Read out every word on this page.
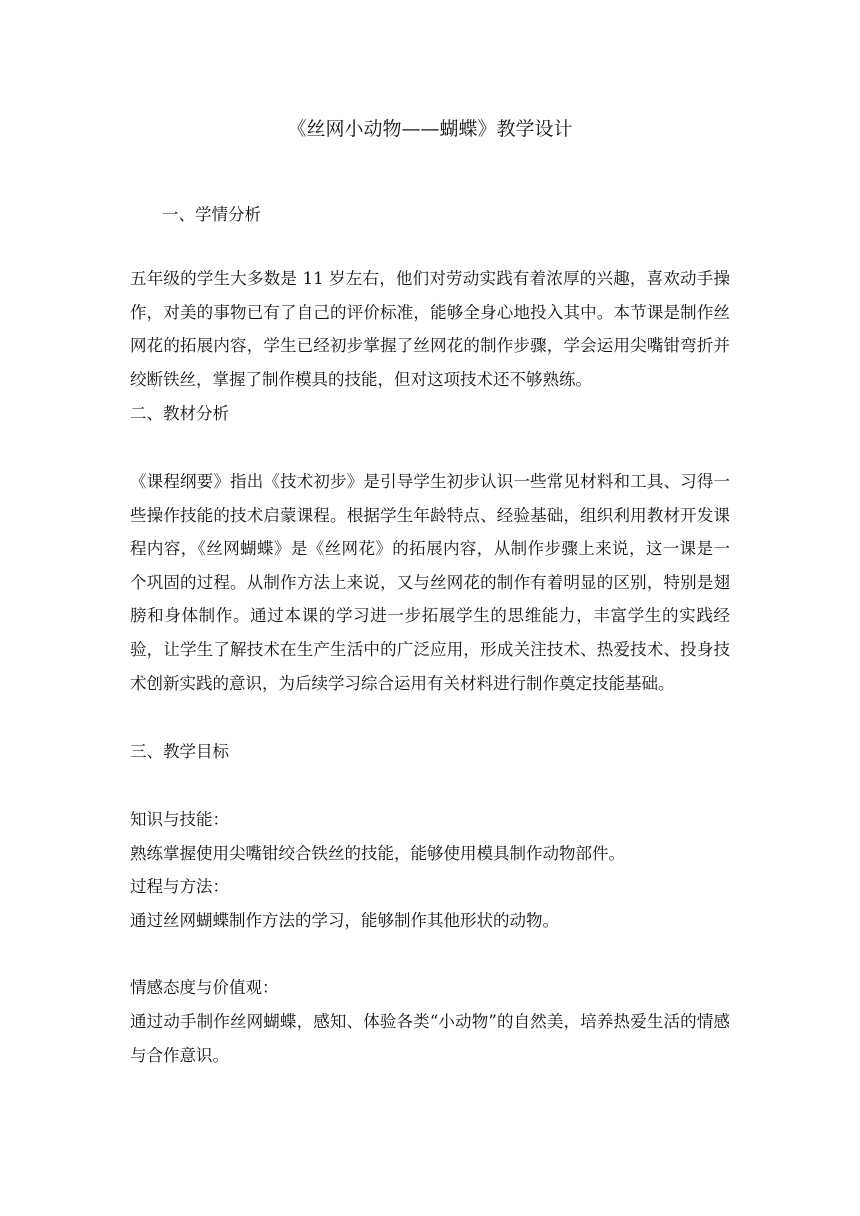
《丝网小动物——蝴蝶》教学设计

一、学情分析

五年级的学生大多数是 11 岁左右，他们对劳动实践有着浓厚的兴趣，喜欢动手操作，对美的事物已有了自己的评价标准，能够全身心地投入其中。本节课是制作丝网花的拓展内容，学生已经初步掌握了丝网花的制作步骤，学会运用尖嘴钳弯折并绞断铁丝，掌握了制作模具的技能，但对这项技术还不够熟练。

二、教材分析

《课程纲要》指出《技术初步》是引导学生初步认识一些常见材料和工具、习得一些操作技能的技术启蒙课程。根据学生年龄特点、经验基础，组织利用教材开发课程内容，《丝网蝴蝶》是《丝网花》的拓展内容，从制作步骤上来说，这一课是一个巩固的过程。从制作方法上来说，又与丝网花的制作有着明显的区别，特别是翅膀和身体制作。通过本课的学习进一步拓展学生的思维能力，丰富学生的实践经验，让学生了解技术在生产生活中的广泛应用，形成关注技术、热爱技术、投身技术创新实践的意识，为后续学习综合运用有关材料进行制作奠定技能基础。

三、教学目标

知识与技能：

熟练掌握使用尖嘴钳绞合铁丝的技能，能够使用模具制作动物部件。

过程与方法：

通过丝网蝴蝶制作方法的学习，能够制作其他形状的动物。

情感态度与价值观：

通过动手制作丝网蝴蝶，感知、体验各类“小动物”的自然美，培养热爱生活的情感与合作意识。
